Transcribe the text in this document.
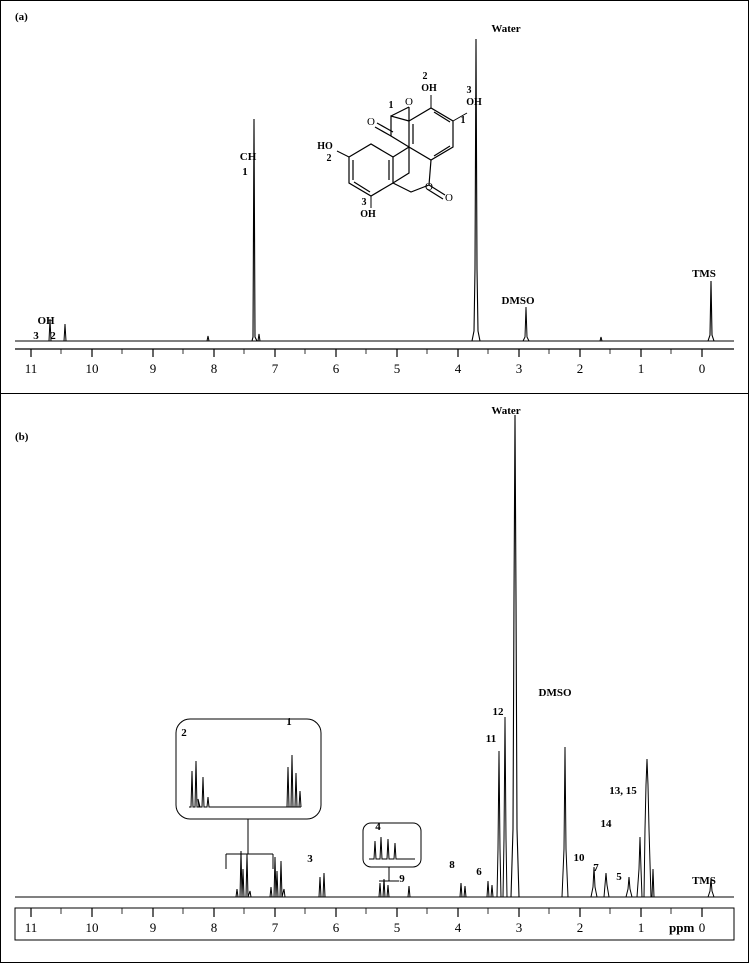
(a)
11	10	9	8	7	6	5	4	3	2	1	0
Water
CH
1
OH
3	2
DMSO
TMS
O
O
O
O
2
OH	3
OH
1
1
HO
2
OH
3
(b)
Water
DMSO
TMS
12
11
13, 15
14
10
7
5
3
9
8
6
2
1
4
11	10	9	8	7	6	5	4	3	2	1	0
ppm
